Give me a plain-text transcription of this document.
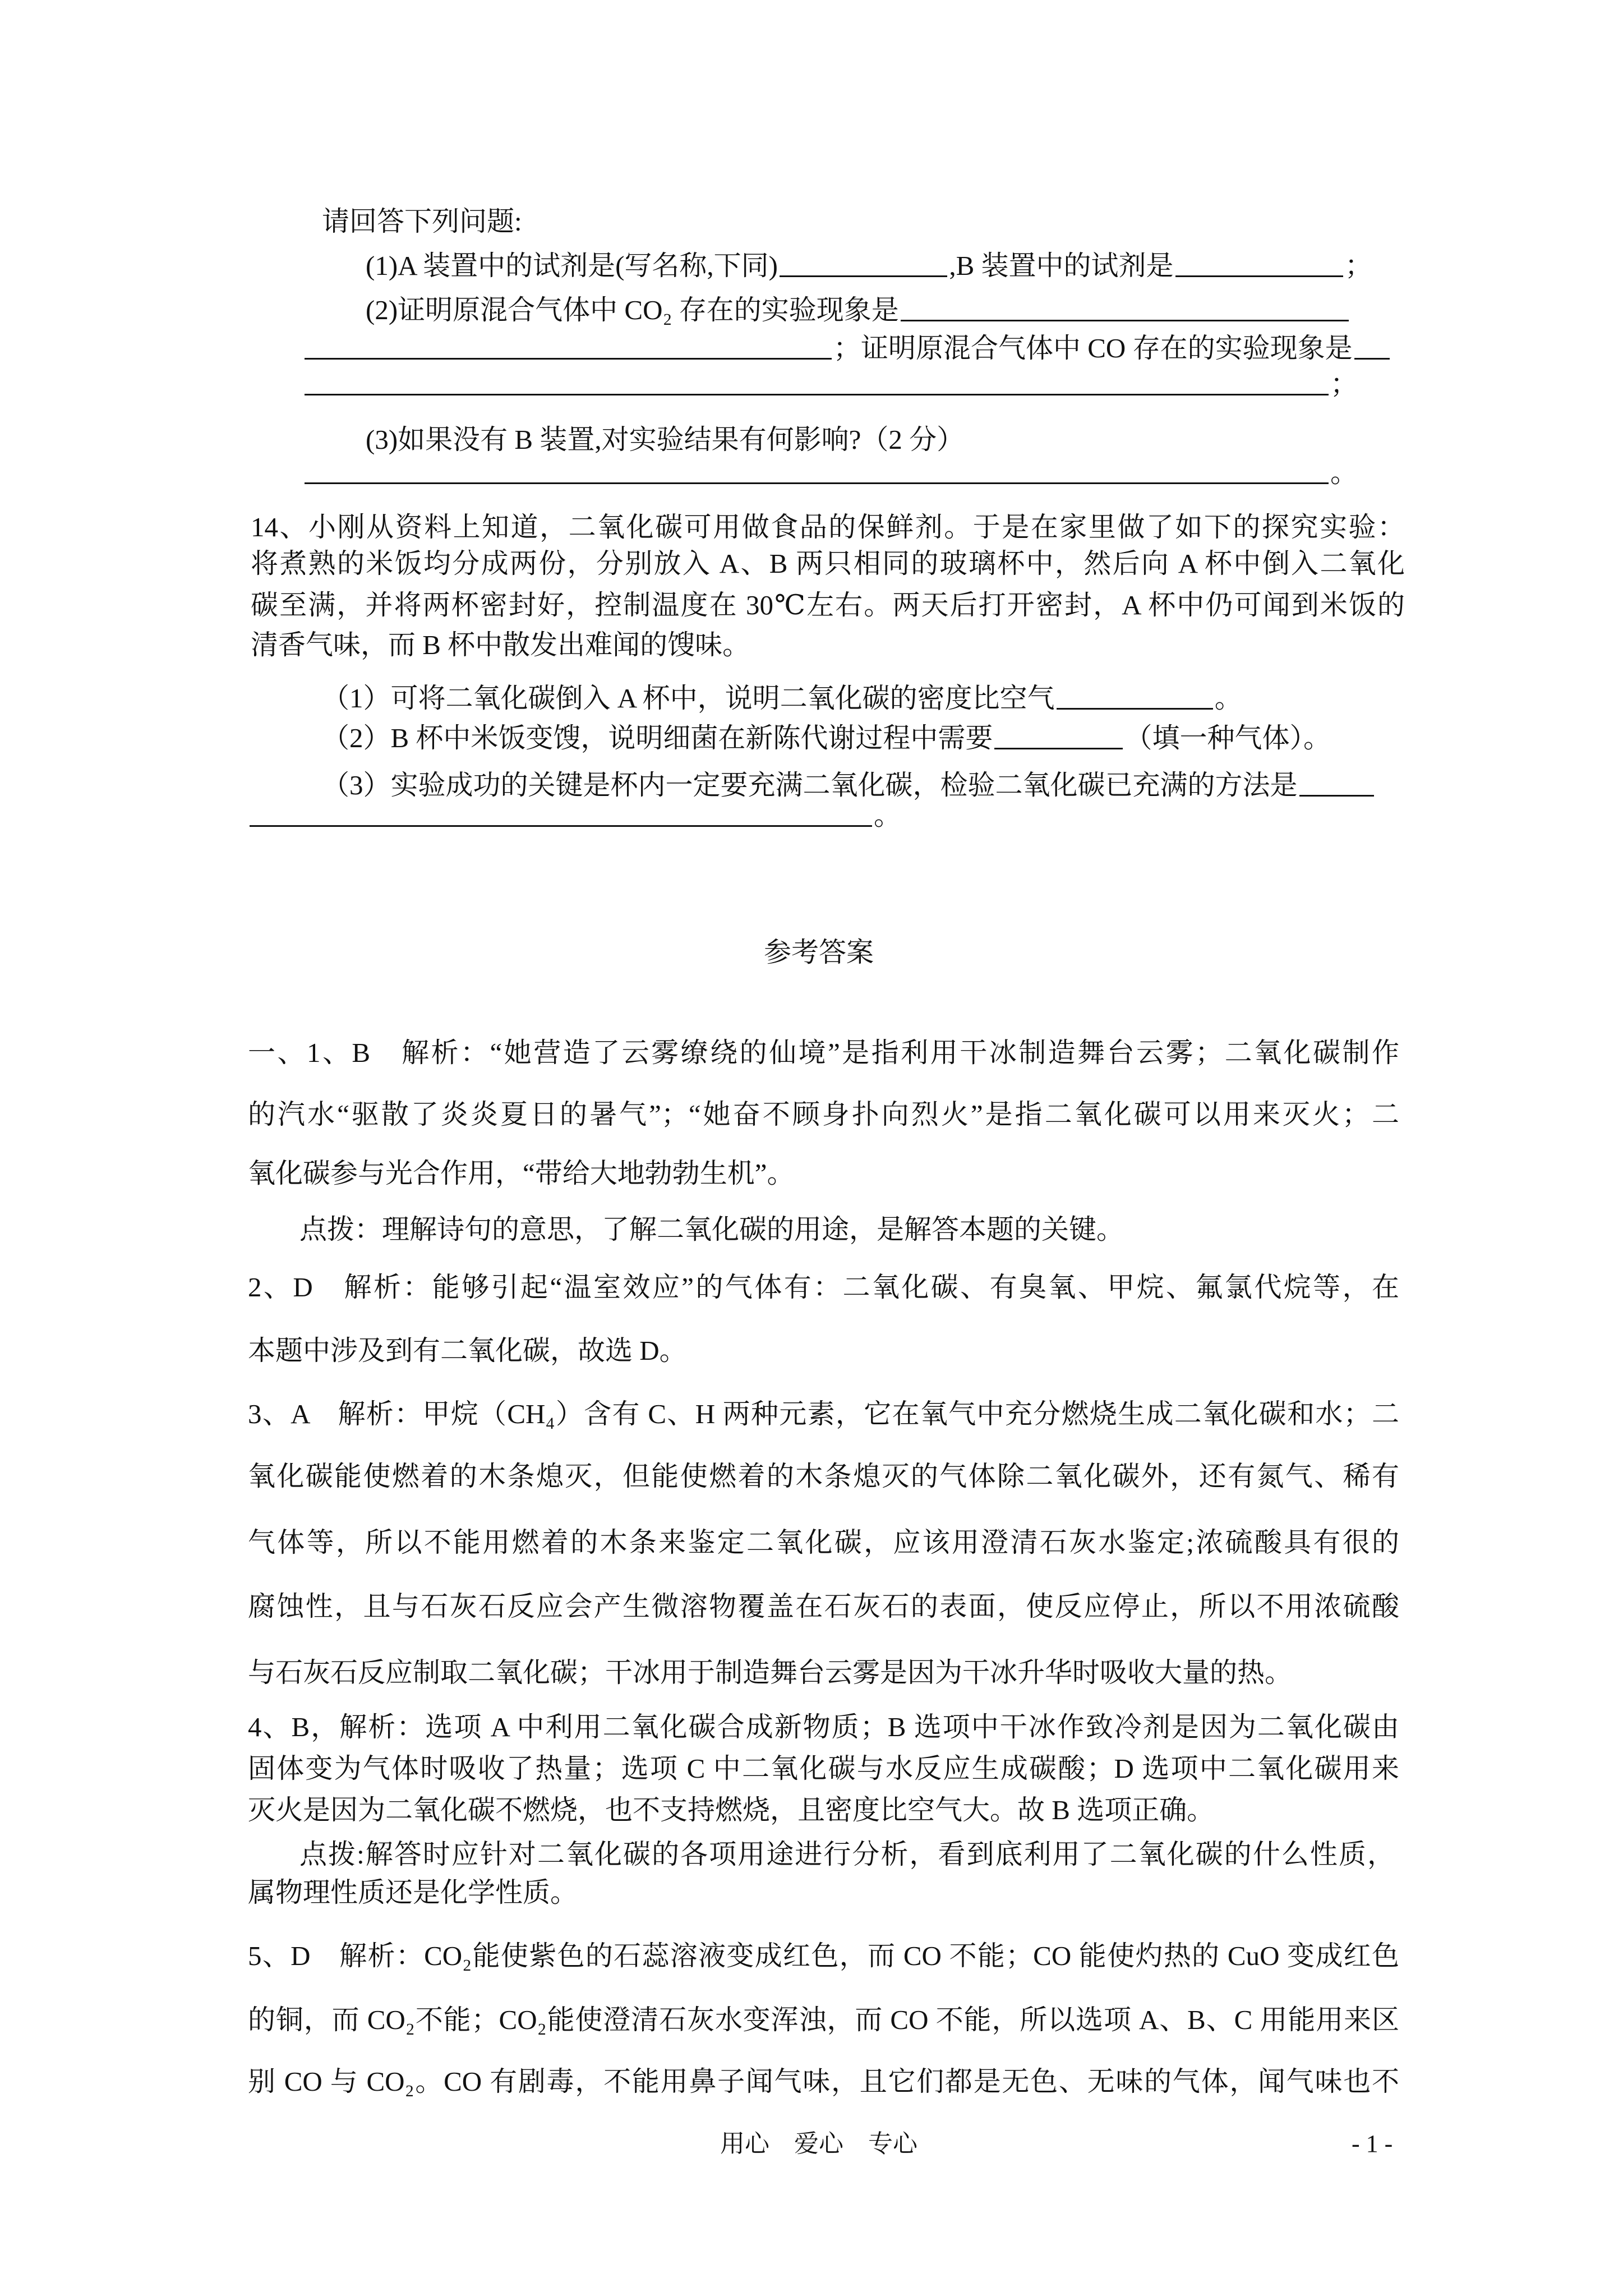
请回答下列问题:
(1)A 装置中的试剂是(写名称,下同)	,B 装置中的试剂是	；
(2)证明原混合气体中 CO₂ 存在的实验现象是
；证明原混合气体中 CO 存在的实验现象是
；
(3)如果没有 B 装置,对实验结果有何影响?（2 分）
。
14、小刚从资料上知道，二氧化碳可用做食品的保鲜剂。于是在家里做了如下的探究实验：
将煮熟的米饭均分成两份，分别放入 A、B 两只相同的玻璃杯中，然后向 A 杯中倒入二氧化
碳至满，并将两杯密封好，控制温度在 30℃左右。两天后打开密封，A 杯中仍可闻到米饭的
清香气味，而 B 杯中散发出难闻的馊味。
（1）可将二氧化碳倒入 A 杯中，说明二氧化碳的密度比空气	。
（2）B 杯中米饭变馊，说明细菌在新陈代谢过程中需要	（填一种气体）。
（3）实验成功的关键是杯内一定要充满二氧化碳，检验二氧化碳已充满的方法是
。
参考答案
一、1、B　解析：“她营造了云雾缭绕的仙境”是指利用干冰制造舞台云雾；二氧化碳制作
的汽水“驱散了炎炎夏日的暑气”；“她奋不顾身扑向烈火”是指二氧化碳可以用来灭火；二
氧化碳参与光合作用，“带给大地勃勃生机”。
点拨：理解诗句的意思，了解二氧化碳的用途，是解答本题的关键。
2、D　解析：能够引起“温室效应”的气体有：二氧化碳、有臭氧、甲烷、氟氯代烷等，在
本题中涉及到有二氧化碳，故选 D。
3、A　解析：甲烷（CH₄）含有 C、H 两种元素，它在氧气中充分燃烧生成二氧化碳和水；二
氧化碳能使燃着的木条熄灭，但能使燃着的木条熄灭的气体除二氧化碳外，还有氮气、稀有
气体等，所以不能用燃着的木条来鉴定二氧化碳，应该用澄清石灰水鉴定;浓硫酸具有很的
腐蚀性，且与石灰石反应会产生微溶物覆盖在石灰石的表面，使反应停止，所以不用浓硫酸
与石灰石反应制取二氧化碳；干冰用于制造舞台云雾是因为干冰升华时吸收大量的热。
4、B，解析：选项 A 中利用二氧化碳合成新物质；B 选项中干冰作致冷剂是因为二氧化碳由
固体变为气体时吸收了热量；选项 C 中二氧化碳与水反应生成碳酸；D 选项中二氧化碳用来
灭火是因为二氧化碳不燃烧，也不支持燃烧，且密度比空气大。故 B 选项正确。
点拨:解答时应针对二氧化碳的各项用途进行分析，看到底利用了二氧化碳的什么性质，
属物理性质还是化学性质。
5、D　解析：CO₂能使紫色的石蕊溶液变成红色，而 CO 不能；CO 能使灼热的 CuO 变成红色
的铜，而 CO₂不能；CO₂能使澄清石灰水变浑浊，而 CO 不能，所以选项 A、B、C 用能用来区
别 CO 与 CO₂。CO 有剧毒，不能用鼻子闻气味，且它们都是无色、无味的气体，闻气味也不
用心　爱心　专心	- 1 -
